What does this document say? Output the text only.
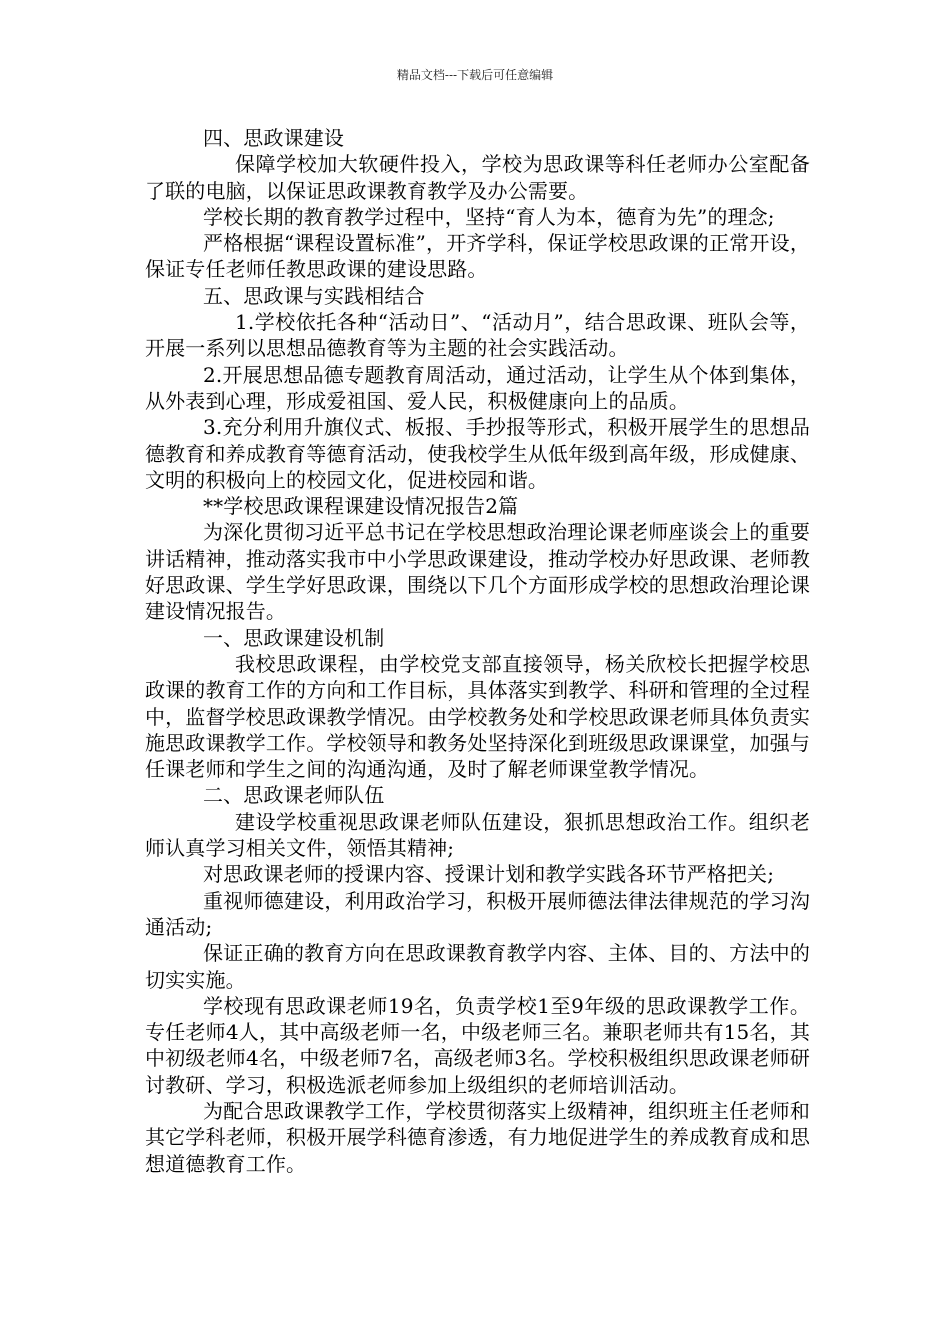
精品文档---下载后可任意编辑

四、思政课建设

保障学校加大软硬件投入，学校为思政课等科任老师办公室配备了联的电脑，以保证思政课教育教学及办公需要。

学校长期的教育教学过程中，坚持“育人为本，德育为先”的理念;

严格根据“课程设置标准”，开齐学科，保证学校思政课的正常开设，保证专任老师任教思政课的建设思路。

五、思政课与实践相结合

1.学校依托各种“活动日”、“活动月”，结合思政课、班队会等，开展一系列以思想品德教育等为主题的社会实践活动。

2.开展思想品德专题教育周活动，通过活动，让学生从个体到集体，从外表到心理，形成爱祖国、爱人民，积极健康向上的品质。

3.充分利用升旗仪式、板报、手抄报等形式，积极开展学生的思想品德教育和养成教育等德育活动，使我校学生从低年级到高年级，形成健康、文明的积极向上的校园文化，促进校园和谐。

**学校思政课程课建设情况报告2篇

为深化贯彻习近平总书记在学校思想政治理论课老师座谈会上的重要讲话精神，推动落实我市中小学思政课建设，推动学校办好思政课、老师教好思政课、学生学好思政课，围绕以下几个方面形成学校的思想政治理论课建设情况报告。

一、思政课建设机制

我校思政课程，由学校党支部直接领导，杨关欣校长把握学校思政课的教育工作的方向和工作目标，具体落实到教学、科研和管理的全过程中，监督学校思政课教学情况。由学校教务处和学校思政课老师具体负责实施思政课教学工作。学校领导和教务处坚持深化到班级思政课课堂，加强与任课老师和学生之间的沟通沟通，及时了解老师课堂教学情况。

二、思政课老师队伍

建设学校重视思政课老师队伍建设，狠抓思想政治工作。组织老师认真学习相关文件，领悟其精神;

对思政课老师的授课内容、授课计划和教学实践各环节严格把关;

重视师德建设，利用政治学习，积极开展师德法律法律规范的学习沟通活动;

保证正确的教育方向在思政课教育教学内容、主体、目的、方法中的切实实施。

学校现有思政课老师19名，负责学校1至9年级的思政课教学工作。专任老师4人，其中高级老师一名，中级老师三名。兼职老师共有15名，其中初级老师4名，中级老师7名，高级老师3名。学校积极组织思政课老师研讨教研、学习，积极选派老师参加上级组织的老师培训活动。

为配合思政课教学工作，学校贯彻落实上级精神，组织班主任老师和其它学科老师，积极开展学科德育渗透，有力地促进学生的养成教育成和思想道德教育工作。
